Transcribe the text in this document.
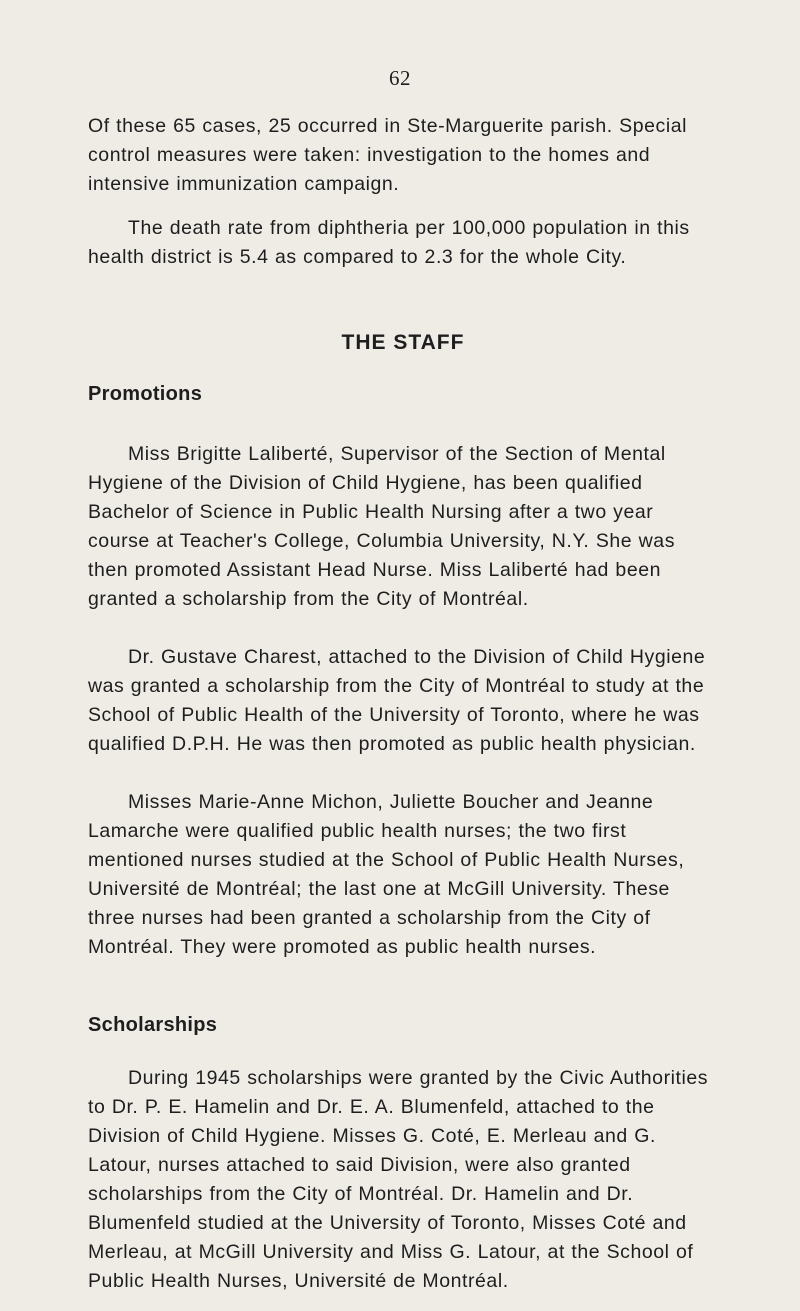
62

Of these 65 cases, 25 occurred in Ste-Marguerite parish. Special control measures were taken: investigation to the homes and intensive immunization campaign.

The death rate from diphtheria per 100,000 population in this health district is 5.4 as compared to 2.3 for the whole City.

THE STAFF
Promotions

Miss Brigitte Laliberté, Supervisor of the Section of Mental Hygiene of the Division of Child Hygiene, has been qualified Bachelor of Science in Public Health Nursing after a two year course at Teacher's College, Columbia University, N.Y. She was then promoted Assistant Head Nurse. Miss Laliberté had been granted a scholarship from the City of Montréal.

Dr. Gustave Charest, attached to the Division of Child Hygiene was granted a scholarship from the City of Montréal to study at the School of Public Health of the University of Toronto, where he was qualified D.P.H. He was then promoted as public health physician.

Misses Marie-Anne Michon, Juliette Boucher and Jeanne Lamarche were qualified public health nurses; the two first mentioned nurses studied at the School of Public Health Nurses, Université de Montréal; the last one at McGill University. These three nurses had been granted a scholarship from the City of Montréal. They were promoted as public health nurses.

Scholarships

During 1945 scholarships were granted by the Civic Authorities to Dr. P. E. Hamelin and Dr. E. A. Blumenfeld, attached to the Division of Child Hygiene. Misses G. Coté, E. Merleau and G. Latour, nurses attached to said Division, were also granted scholarships from the City of Montréal. Dr. Hamelin and Dr. Blumenfeld studied at the University of Toronto, Misses Coté and Merleau, at McGill University and Miss G. Latour, at the School of Public Health Nurses, Université de Montréal.
